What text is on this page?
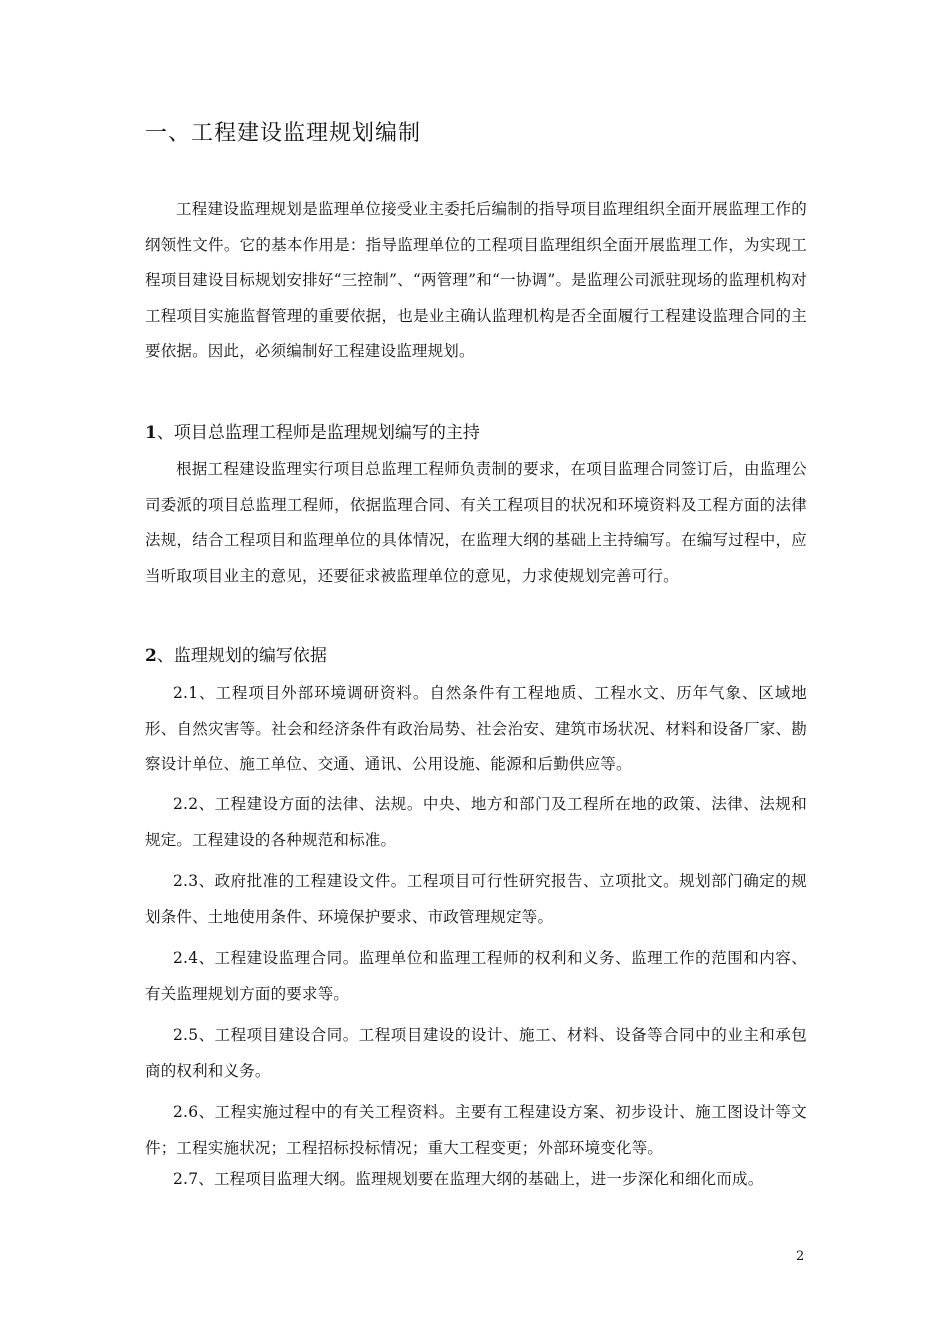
一、工程建设监理规划编制

工程建设监理规划是监理单位接受业主委托后编制的指导项目监理组织全面开展监理工作的纲领性文件。它的基本作用是：指导监理单位的工程项目监理组织全面开展监理工作，为实现工程项目建设目标规划安排好“三控制”、“两管理”和“一协调”。是监理公司派驻现场的监理机构对工程项目实施监督管理的重要依据，也是业主确认监理机构是否全面履行工程建设监理合同的主要依据。因此，必须编制好工程建设监理规划。

1、项目总监理工程师是监理规划编写的主持

根据工程建设监理实行项目总监理工程师负责制的要求，在项目监理合同签订后，由监理公司委派的项目总监理工程师，依据监理合同、有关工程项目的状况和环境资料及工程方面的法律法规，结合工程项目和监理单位的具体情况，在监理大纲的基础上主持编写。在编写过程中，应当听取项目业主的意见，还要征求被监理单位的意见，力求使规划完善可行。

2、监理规划的编写依据

2.1、工程项目外部环境调研资料。自然条件有工程地质、工程水文、历年气象、区域地形、自然灾害等。社会和经济条件有政治局势、社会治安、建筑市场状况、材料和设备厂家、勘察设计单位、施工单位、交通、通讯、公用设施、能源和后勤供应等。

2.2、工程建设方面的法律、法规。中央、地方和部门及工程所在地的政策、法律、法规和规定。工程建设的各种规范和标准。

2.3、政府批准的工程建设文件。工程项目可行性研究报告、立项批文。规划部门确定的规划条件、土地使用条件、环境保护要求、市政管理规定等。

2.4、工程建设监理合同。监理单位和监理工程师的权利和义务、监理工作的范围和内容、有关监理规划方面的要求等。

2.5、工程项目建设合同。工程项目建设的设计、施工、材料、设备等合同中的业主和承包商的权利和义务。

2.6、工程实施过程中的有关工程资料。主要有工程建设方案、初步设计、施工图设计等文件；工程实施状况；工程招标投标情况；重大工程变更；外部环境变化等。

2.7、工程项目监理大纲。监理规划要在监理大纲的基础上，进一步深化和细化而成。

2
